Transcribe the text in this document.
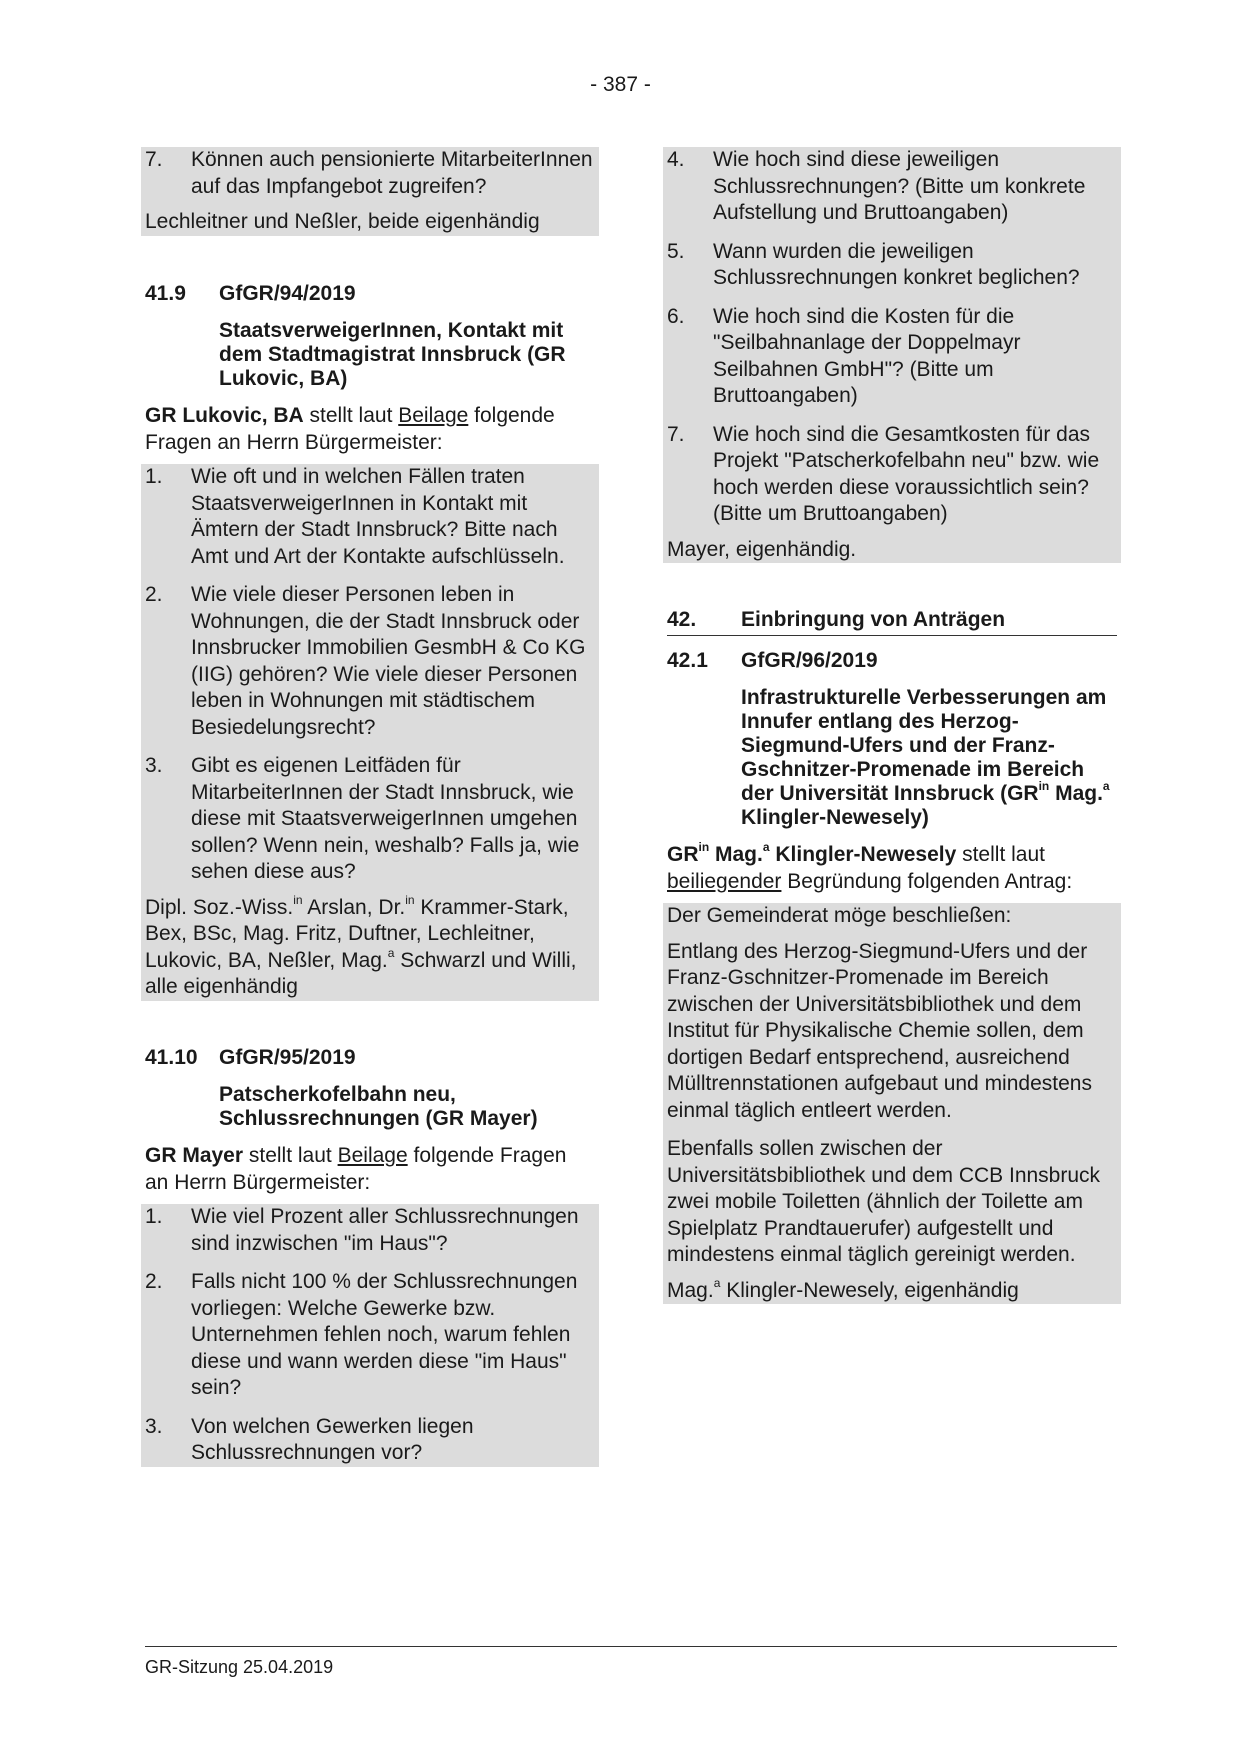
- 387 -
7.	Können auch pensionierte MitarbeiterInnen auf das Impfangebot zugreifen?

Lechleitner und Neßler, beide eigenhändig

41.9	GfGR/94/2019

StaatsverweigerInnen, Kontakt mit dem Stadtmagistrat Innsbruck (GR Lukovic, BA)

GR Lukovic, BA stellt laut Beilage folgende Fragen an Herrn Bürgermeister:

1.	Wie oft und in welchen Fällen traten StaatsverweigerInnen in Kontakt mit Ämtern der Stadt Innsbruck? Bitte nach Amt und Art der Kontakte aufschlüsseln.
2.	Wie viele dieser Personen leben in Wohnungen, die der Stadt Innsbruck oder Innsbrucker Immobilien GesmbH & Co KG (IIG) gehören? Wie viele dieser Personen leben in Wohnungen mit städtischem Besiedelungsrecht?
3.	Gibt es eigenen Leitfäden für MitarbeiterInnen der Stadt Innsbruck, wie diese mit StaatsverweigerInnen umgehen sollen? Wenn nein, weshalb? Falls ja, wie sehen diese aus?

Dipl. Soz.-Wiss.$^{in}$ Arslan, Dr.$^{in}$ Krammer-Stark, Bex, BSc, Mag. Fritz, Duftner, Lechleitner, Lukovic, BA, Neßler, Mag.$^a$ Schwarzl und Willi, alle eigenhändig

41.10	GfGR/95/2019

Patscherkofelbahn neu, Schlussrechnungen (GR Mayer)

GR Mayer stellt laut Beilage folgende Fragen an Herrn Bürgermeister:

1.	Wie viel Prozent aller Schlussrechnungen sind inzwischen "im Haus"?
2.	Falls nicht 100 % der Schlussrechnungen vorliegen: Welche Gewerke bzw. Unternehmen fehlen noch, warum fehlen diese und wann werden diese "im Haus" sein?
3.	Von welchen Gewerken liegen Schlussrechnungen vor?
4.	Wie hoch sind diese jeweiligen Schlussrechnungen? (Bitte um konkrete Aufstellung und Bruttoangaben)
5.	Wann wurden die jeweiligen Schlussrechnungen konkret beglichen?
6.	Wie hoch sind die Kosten für die "Seilbahnanlage der Doppelmayr Seilbahnen GmbH"? (Bitte um Bruttoangaben)
7.	Wie hoch sind die Gesamtkosten für das Projekt "Patscherkofelbahn neu" bzw. wie hoch werden diese voraussichtlich sein? (Bitte um Bruttoangaben)

Mayer, eigenhändig.

42.	Einbringung von Anträgen
42.1	GfGR/96/2019

Infrastrukturelle Verbesserungen am Innufer entlang des Herzog-Siegmund-Ufers und der Franz-Gschnitzer-Promenade im Bereich der Universität Innsbruck ($GR^{in}$ Mag.$^a$ Klingler-Newesely)

$GR^{in}$ Mag.$^a$ Klingler-Newesely stellt laut beiliegender Begründung folgenden Antrag:

Der Gemeinderat möge beschließen:

Entlang des Herzog-Siegmund-Ufers und der Franz-Gschnitzer-Promenade im Bereich zwischen der Universitätsbibliothek und dem Institut für Physikalische Chemie sollen, dem dortigen Bedarf entsprechend, ausreichend Mülltrennstationen aufgebaut und mindestens einmal täglich entleert werden.

Ebenfalls sollen zwischen der Universitätsbibliothek und dem CCB Innsbruck zwei mobile Toiletten (ähnlich der Toilette am Spielplatz Prandtauerufer) aufgestellt und mindestens einmal täglich gereinigt werden.

Mag.$^a$ Klingler-Newesely, eigenhändig

GR-Sitzung 25.04.2019
